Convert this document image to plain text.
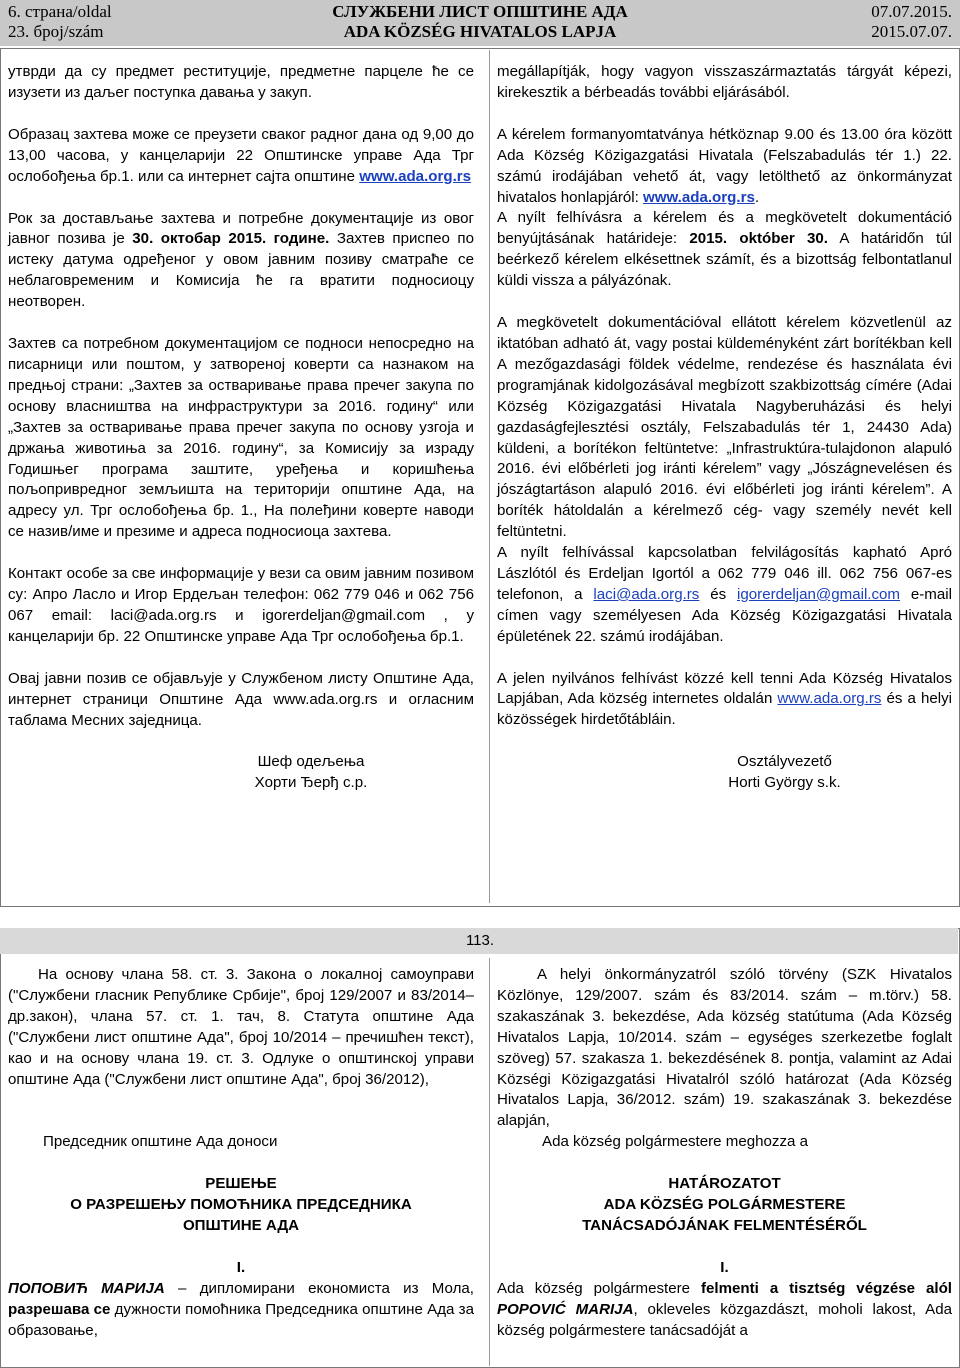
6. страна/oldal
23. број/szám
СЛУЖБЕНИ ЛИСТ ОПШТИНЕ АДА
ADA KÖZSÉG HIVATALOS LAPJA
07.07.2015.
2015.07.07.

утврди да су предмет реституције, предметне парцеле ће се изузети из даљег поступка давања у закуп.

Образац захтева може се преузети сваког радног дана од 9,00 до 13,00 часова, у канцеларији 22 Општинске управе Ада Трг ослобођења бр.1. или са интернет сајта општине www.ada.org.rs

Рок за достављање захтева и потребне документације из овог јавног позива је 30. октобар 2015. године. Захтев приспео по истеку датума одређеног у овом јавним позиву сматраће се неблаговременим и Комисија ће га вратити подносиоцу неотворен.

Захтев са потребном документацијом се подноси непосредно на писарници или поштом, у затвореној коверти са назнаком на предњој страни: „Захтев за остваривање права пречег закупа по основу власништва на инфраструктури за 2016. годину“ или „Захтев за остваривање права пречег закупа по основу узгоја и држања животиња за 2016. годину“, за Комисију за израду Годишњег програма заштите, уређења и коришћења пољопривредног земљишта на територији општине Ада, на адресу ул. Трг ослобођења бр. 1., На полеђини коверте наводи се назив/име и презиме и адреса подносиоца захтева.

Контакт особе за све информације у вези са овим јавним позивом су: Апро Ласло и Игор Ердељан телефон: 062 779 046 и 062 756 067 email: laci@ada.org.rs и igorerdeljan@gmail.com , у канцеларији бр. 22 Општинске управе Ада Трг ослобођења бр.1.

Овај јавни позив се објављује у Службеном листу Општине Ада, интернет страници Општине Ада www.ada.org.rs и огласним таблама Месних заједница.

Шеф одељења

Хорти Ђерђ с.р.

megállapítják, hogy vagyon visszaszármaztatás tárgyát képezi, kirekesztik a bérbeadás további eljárásából.

A kérelem formanyomtatványa hétköznap 9.00 és 13.00 óra között Ada Község Közigazgatási Hivatala (Felszabadulás tér 1.) 22. számú irodájában vehető át, vagy letölthető az önkormányzat hivatalos honlapjáról: www.ada.org.rs.

A nyílt felhívásra a kérelem és a megkövetelt dokumentáció benyújtásának határideje: 2015. október 30. A határidőn túl beérkező kérelem elkésettnek számít, és a bizottság felbontatlanul küldi vissza a pályázónak.

A megkövetelt dokumentációval ellátott kérelem közvetlenül az iktatóban adható át, vagy postai küldeményként zárt borítékban kell A mezőgazdasági földek védelme, rendezése és használata évi programjának kidolgozásával megbízott szakbizottság címére (Adai Község Közigazgatási Hivatala Nagyberuházási és helyi gazdaságfejlesztési osztály, Felszabadulás tér 1, 24430 Ada) küldeni, a borítékon feltüntetve: „Infrastruktúra-tulajdonon alapuló 2016. évi előbérleti jog iránti kérelem” vagy „Jószágnevelésen és jószágtartáson alapuló 2016. évi előbérleti jog iránti kérelem”. A boríték hátoldalán a kérelmező cég- vagy személy nevét kell feltüntetni.

A nyílt felhívással kapcsolatban felvilágosítás kapható Apró Lászlótól és Erdeljan Igortól a 062 779 046 ill. 062 756 067-es telefonon, a laci@ada.org.rs és igorerdeljan@gmail.com e-mail címen vagy személyesen Ada Község Közigazgatási Hivatala épületének 22. számú irodájában.

A jelen nyilvános felhívást közzé kell tenni Ada Község Hivatalos Lapjában, Ada község internetes oldalán www.ada.org.rs és a helyi közösségek hirdetőtábláin.

Osztályvezető

Horti György s.k.

113.

На основу члана 58. ст. 3. Закона о локалној самоуправи ("Службени гласник Републике Србије", број 129/2007 и 83/2014–др.закон), члана 57. ст. 1. тач, 8. Статута општине Ада ("Службени лист општине Ада", број 10/2014 – пречишћен текст), као и на основу члана 19. ст. 3. Одлуке о општинској управи општине Ада ("Службени лист општине Ада", број 36/2012),

Председник општине Ада доноси

РЕШЕЊЕ

О РАЗРЕШЕЊУ ПОМОЋНИКА ПРЕДСЕДНИКА

ОПШТИНЕ АДА

I.

ПОПОВИЋ МАРИЈА – дипломирани економиста из Мола, разрешава се дужности помоћника Председника општине Ада за образовање,

A helyi önkormányzatról szóló törvény (SZK Hivatalos Közlönye, 129/2007. szám és 83/2014. szám – m.törv.) 58. szakaszának 3. bekezdése, Ada község statútuma (Ada Község Hivatalos Lapja, 10/2014. szám – egységes szerkezetbe foglalt szöveg) 57. szakasza 1. bekezdésének 8. pontja, valamint az Adai Községi Közigazgatási Hivatalról szóló határozat (Ada Község Hivatalos Lapja, 36/2012. szám) 19. szakaszának 3. bekezdése alapján,

Ada község polgármestere meghozza a

HATÁROZATOT

ADA KÖZSÉG POLGÁRMESTERE

TANÁCSADÓJÁNAK FELMENTÉSÉRŐL

I.

Ada község polgármestere felmenti a tisztség végzése alól POPOVIĆ MARIJA, okleveles közgazdászt, moholi lakost, Ada község polgármestere tanácsadóját a
